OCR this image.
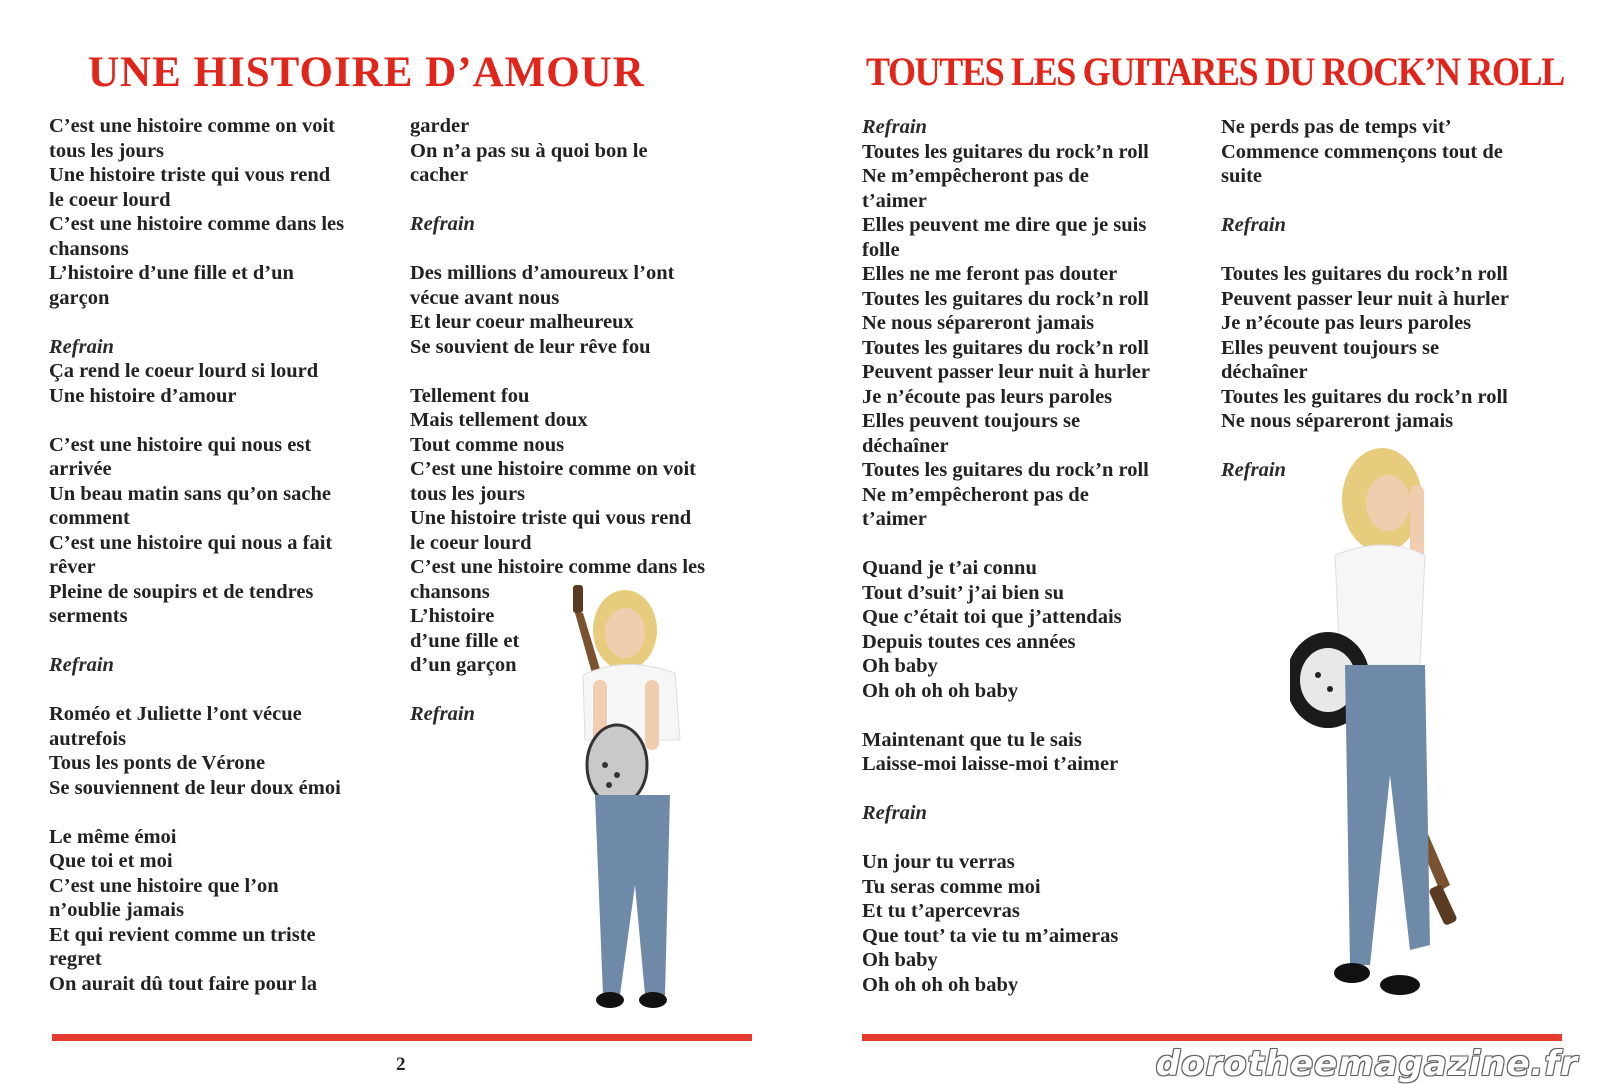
UNE HISTOIRE D’AMOUR
C’est une histoire comme on voit
tous les jours
Une histoire triste qui vous rend
le coeur lourd
C’est une histoire comme dans les
chansons
L’histoire d’une fille et d’un
garçon
Refrain
Ça rend le coeur lourd si lourd
Une histoire d’amour
C’est une histoire qui nous est
arrivée
Un beau matin sans qu’on sache
comment
C’est une histoire qui nous a fait
rêver
Pleine de soupirs et de tendres
serments
Refrain
Roméo et Juliette l’ont vécue
autrefois
Tous les ponts de Vérone
Se souviennent de leur doux émoi
Le même émoi
Que toi et moi
C’est une histoire que l’on
n’oublie jamais
Et qui revient comme un triste
regret
On aurait dû tout faire pour la
garder
On n’a pas su à quoi bon le
cacher
Refrain
Des millions d’amoureux l’ont
vécue avant nous
Et leur coeur malheureux
Se souvient de leur rêve fou
Tellement fou
Mais tellement doux
Tout comme nous
C’est une histoire comme on voit
tous les jours
Une histoire triste qui vous rend
le coeur lourd
C’est une histoire comme dans les
chansons
L’histoire
d’une fille et
d’un garçon
Refrain
2
TOUTES LES GUITARES DU ROCK’N ROLL
Refrain
Toutes les guitares du rock’n roll
Ne m’empêcheront pas de
t’aimer
Elles peuvent me dire que je suis
folle
Elles ne me feront pas douter
Toutes les guitares du rock’n roll
Ne nous sépareront jamais
Toutes les guitares du rock’n roll
Peuvent passer leur nuit à hurler
Je n’écoute pas leurs paroles
Elles peuvent toujours se
déchaîner
Toutes les guitares du rock’n roll
Ne m’empêcheront pas de
t’aimer
Quand je t’ai connu
Tout d’suit’ j’ai bien su
Que c’était toi que j’attendais
Depuis toutes ces années
Oh baby
Oh oh oh oh baby
Maintenant que tu le sais
Laisse-moi laisse-moi t’aimer
Refrain
Un jour tu verras
Tu seras comme moi
Et tu t’apercevras
Que tout’ ta vie tu m’aimeras
Oh baby
Oh oh oh oh baby
Ne perds pas de temps vit’
Commence commençons tout de
suite
Refrain
Toutes les guitares du rock’n roll
Peuvent passer leur nuit à hurler
Je n’écoute pas leurs paroles
Elles peuvent toujours se
déchaîner
Toutes les guitares du rock’n roll
Ne nous sépareront jamais
Refrain
dorotheemagazine.fr
